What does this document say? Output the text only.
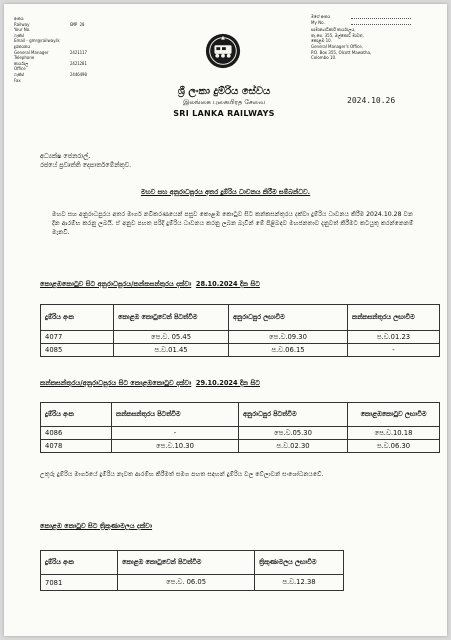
අංකය
Railway	GMP 20
Your No.
ෆැක්ස්
Email - gmr@railway.lk
දුරකථනය
General Manager	2421117
Telephone
කාර්යාල	2421281
Office
ෆැක්ස්	2446490
Fax
මගේ අංකය
My No.
සාමාන්‍යාධිකාරි කාර්යාලය,
තැ.පෙ. 355, ඔල්කොට් මාවත,
කොළඹ 10.
General Manager's Office,
P.O. Box 355, Olcott Mawatha,
Colombo 10.
2024.10.26
ශ්‍රී ලංකා දුම්රිය සේවය
இலங்கை புகையிரத சேவை
SRI LANKA RAILWAYS
අධ්‍යක්ෂ ජෙනරාල්,
රජයේ ප්‍රවෘත්ති දෙපාර්තමේන්තුව.
මහව සහ අනුරාධපුරය අතර දුම්රිය ධාවනය කිරීම සම්බන්ධව.
මහව සහ අනුරාධපුරය අතර මාර්ග නවීකරණයෙන් පසුව කොළඹ කොටුව සිට කන්කසන්තුරය දක්වා දුම්රිය ධාවනය කිරීම 2024.10.28 වන දින ආරම්භ කරනු ලබයි. ඒ අනුව පහත පරිදි දුම්රිය ධාවනය කරනු ලබන බැවින් මේ පිළිබඳව මහජනතාව දැනුවත් කිරීමට කටයුතු කරන්නෙනම් මැනවි.
කොළඹකොටුව සිට අනුරාධපුරය/කන්කසන්තුරය දක්වා 28.10.2024 දින සිට
දුම්රිය අංක	කොළඹ කොටුවෙන් පිටත්වීම	අනුරාධපුර ලඟාවීම	කන්කසන්තුරය ලඟාවීම
4077	පෙ.ව. 05.45	පෙ.ව.09.30	ප.ව.01.23
4085	ප.ව.01.45	ප.ව.06.15	-
කන්කසන්තුරය/අනුරාධපුරය සිට කොළඹකොටුව දක්වා 29.10.2024 දින සිට
දුම්රිය අංක	කන්කසන්තුරය පිටත්වීම	අනුරාධපුර පිටත්වීම	කොළඹකොටුව ලඟාවීම
4086	-	පෙ.ව.05.30	පෙ.ව.10.18
4078	පෙ.ව.10.30	ප.ව.02.30	ප.ව.06.30
උතුරු දුම්රිය මාර්ගයේ දුම්රිය නැවත ආරම්භ කිරීමත් සමග පහත සඳහන් දුම්රිය වල වේලාවන් සංශෝධනයවේ.
කොළඹ කොටුව සිට ත්‍රිකුණාමලය දක්වා
දුම්රිය අංක	කොළඹ කොටුවෙන් පිටත්වීම	ත්‍රිකුණාමලය ලඟාවීම
7081	පෙ.ව. 06.05	ප.ව.12.38
